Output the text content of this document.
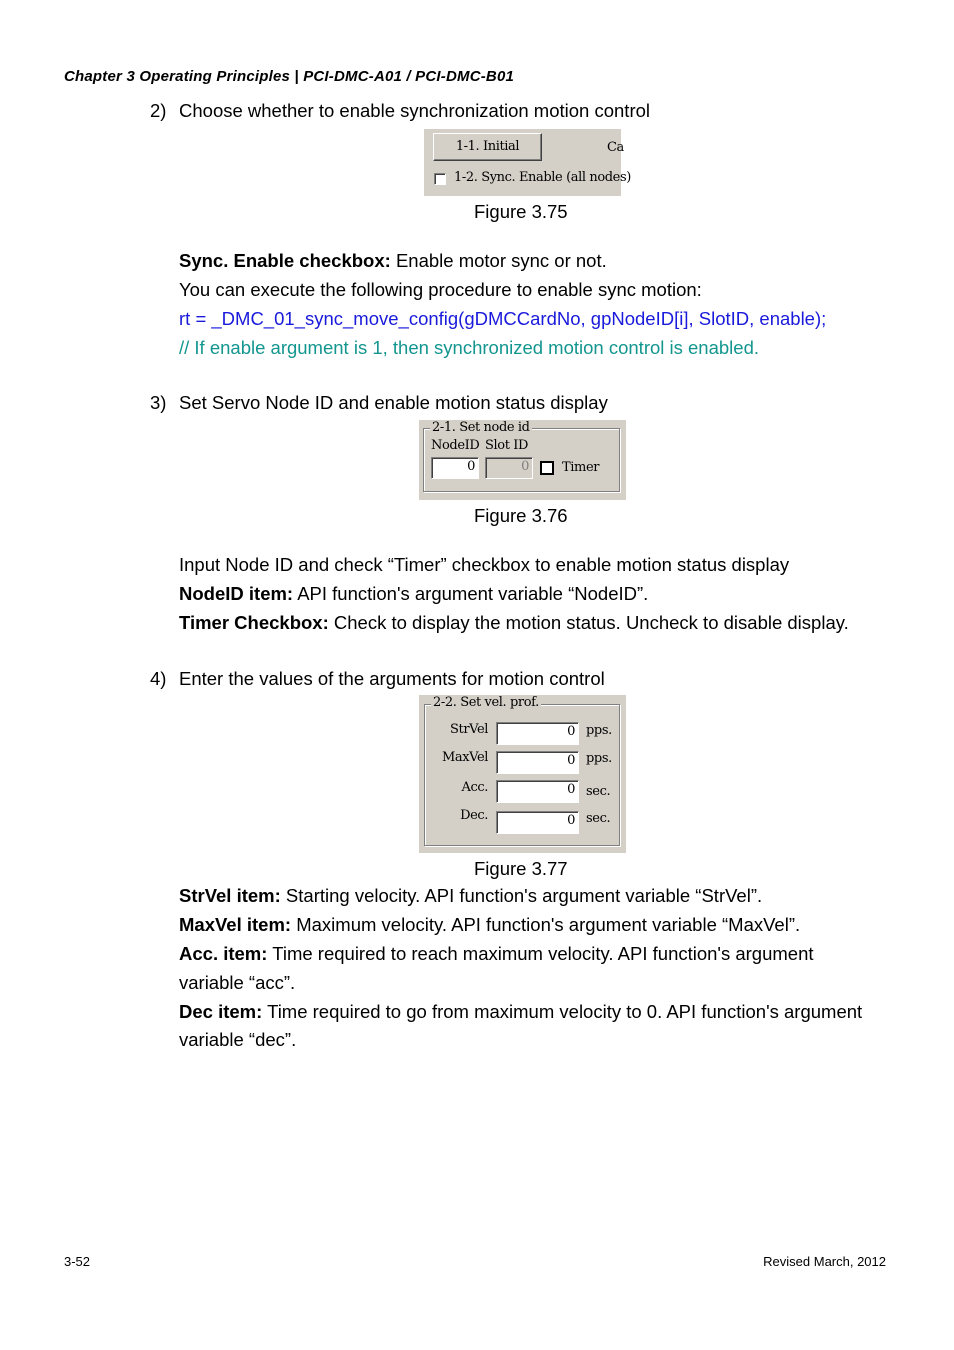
Chapter 3 Operating Principles | PCI-DMC-A01 / PCI-DMC-B01
2) Choose whether to enable synchronization motion control
1-1. Initial	Ca
1-2. Sync. Enable (all nodes)
Figure 3.75
Sync. Enable checkbox: Enable motor sync or not.
You can execute the following procedure to enable sync motion:
rt = _DMC_01_sync_move_config(gDMCCardNo, gpNodeID[i], SlotID, enable);
// If enable argument is 1, then synchronized motion control is enabled.
3) Set Servo Node ID and enable motion status display
2-1. Set node id
NodeID Slot ID
0	0	Timer
Figure 3.76
Input Node ID and check “Timer” checkbox to enable motion status display
NodeID item: API function's argument variable “NodeID”.
Timer Checkbox: Check to display the motion status. Uncheck to disable display.
4) Enter the values of the arguments for motion control
2-2. Set vel. prof.
StrVel	0 pps.
MaxVel	0 pps.
Acc.	0 sec.
Dec.	0 sec.
Figure 3.77
StrVel item: Starting velocity. API function's argument variable “StrVel”.
MaxVel item: Maximum velocity. API function's argument variable “MaxVel”.
Acc. item: Time required to reach maximum velocity. API function's argument
variable “acc”.
Dec item: Time required to go from maximum velocity to 0. API function's argument
variable “dec”.
3-52	Revised March, 2012
